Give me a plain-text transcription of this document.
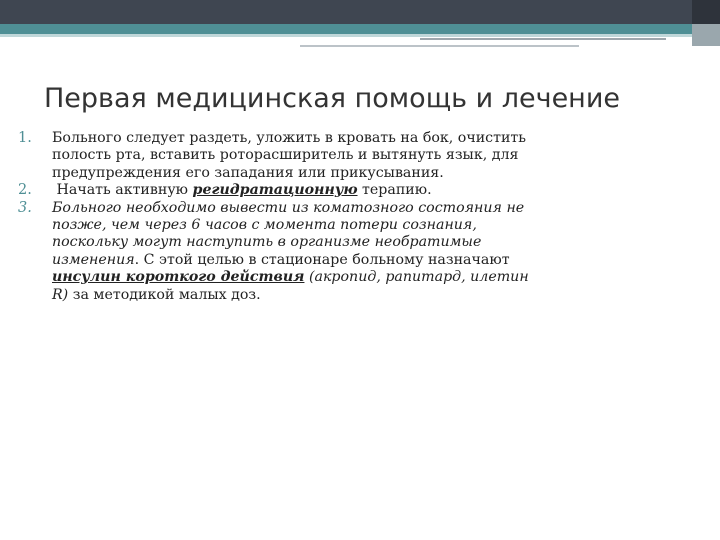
Первая медицинская помощь и лечение
1.	Больного следует раздеть, уложить в кровать на бок, очистить
полость рта, вставить роторасширитель и вытянуть язык, для
предупреждения его западания или прикусывания.
2.	Начать активную регидратационную терапию.
3.	Больного необходимо вывести из коматозного состояния не
позже, чем через 6 часов с момента потери сознания,
поскольку могут наступить в организме необратимые
изменения. С этой целью в стационаре больному назначают
инсулин короткого действия (акропид, рапитард, илетин
R) за методикой малых доз.
